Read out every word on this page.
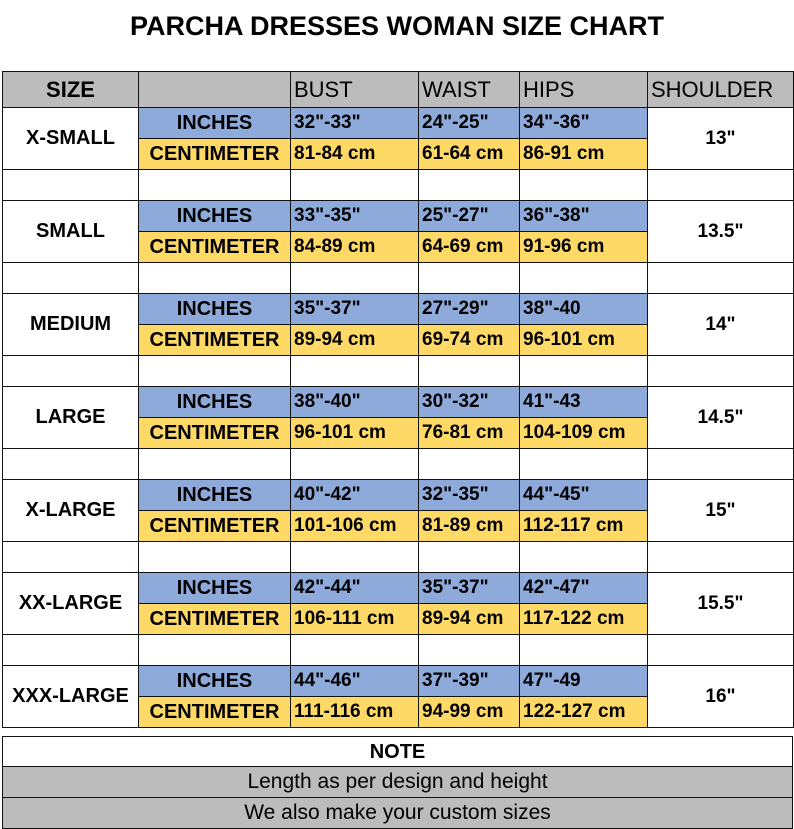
PARCHA DRESSES WOMAN SIZE CHART
SIZE		BUST	WAIST	HIPS	SHOULDER
X-SMALL	INCHES	32"-33"	24"-25"	34"-36"	13"
	CENTIMETER	81-84 cm	61-64 cm	86-91 cm	

SMALL	INCHES	33"-35"	25"-27"	36"-38"	13.5"
	CENTIMETER	84-89 cm	64-69 cm	91-96 cm	

MEDIUM	INCHES	35"-37"	27"-29"	38"-40	14"
	CENTIMETER	89-94 cm	69-74 cm	96-101 cm	

LARGE	INCHES	38"-40"	30"-32"	41"-43	14.5"
	CENTIMETER	96-101 cm	76-81 cm	104-109 cm	

X-LARGE	INCHES	40"-42"	32"-35"	44"-45"	15"
	CENTIMETER	101-106 cm	81-89 cm	112-117 cm	

XX-LARGE	INCHES	42"-44"	35"-37"	42"-47"	15.5"
	CENTIMETER	106-111 cm	89-94 cm	117-122 cm	

XXX-LARGE	INCHES	44"-46"	37"-39"	47"-49	16"
	CENTIMETER	111-116 cm	94-99 cm	122-127 cm	
NOTE
Length as per design and height
We also make your custom sizes
